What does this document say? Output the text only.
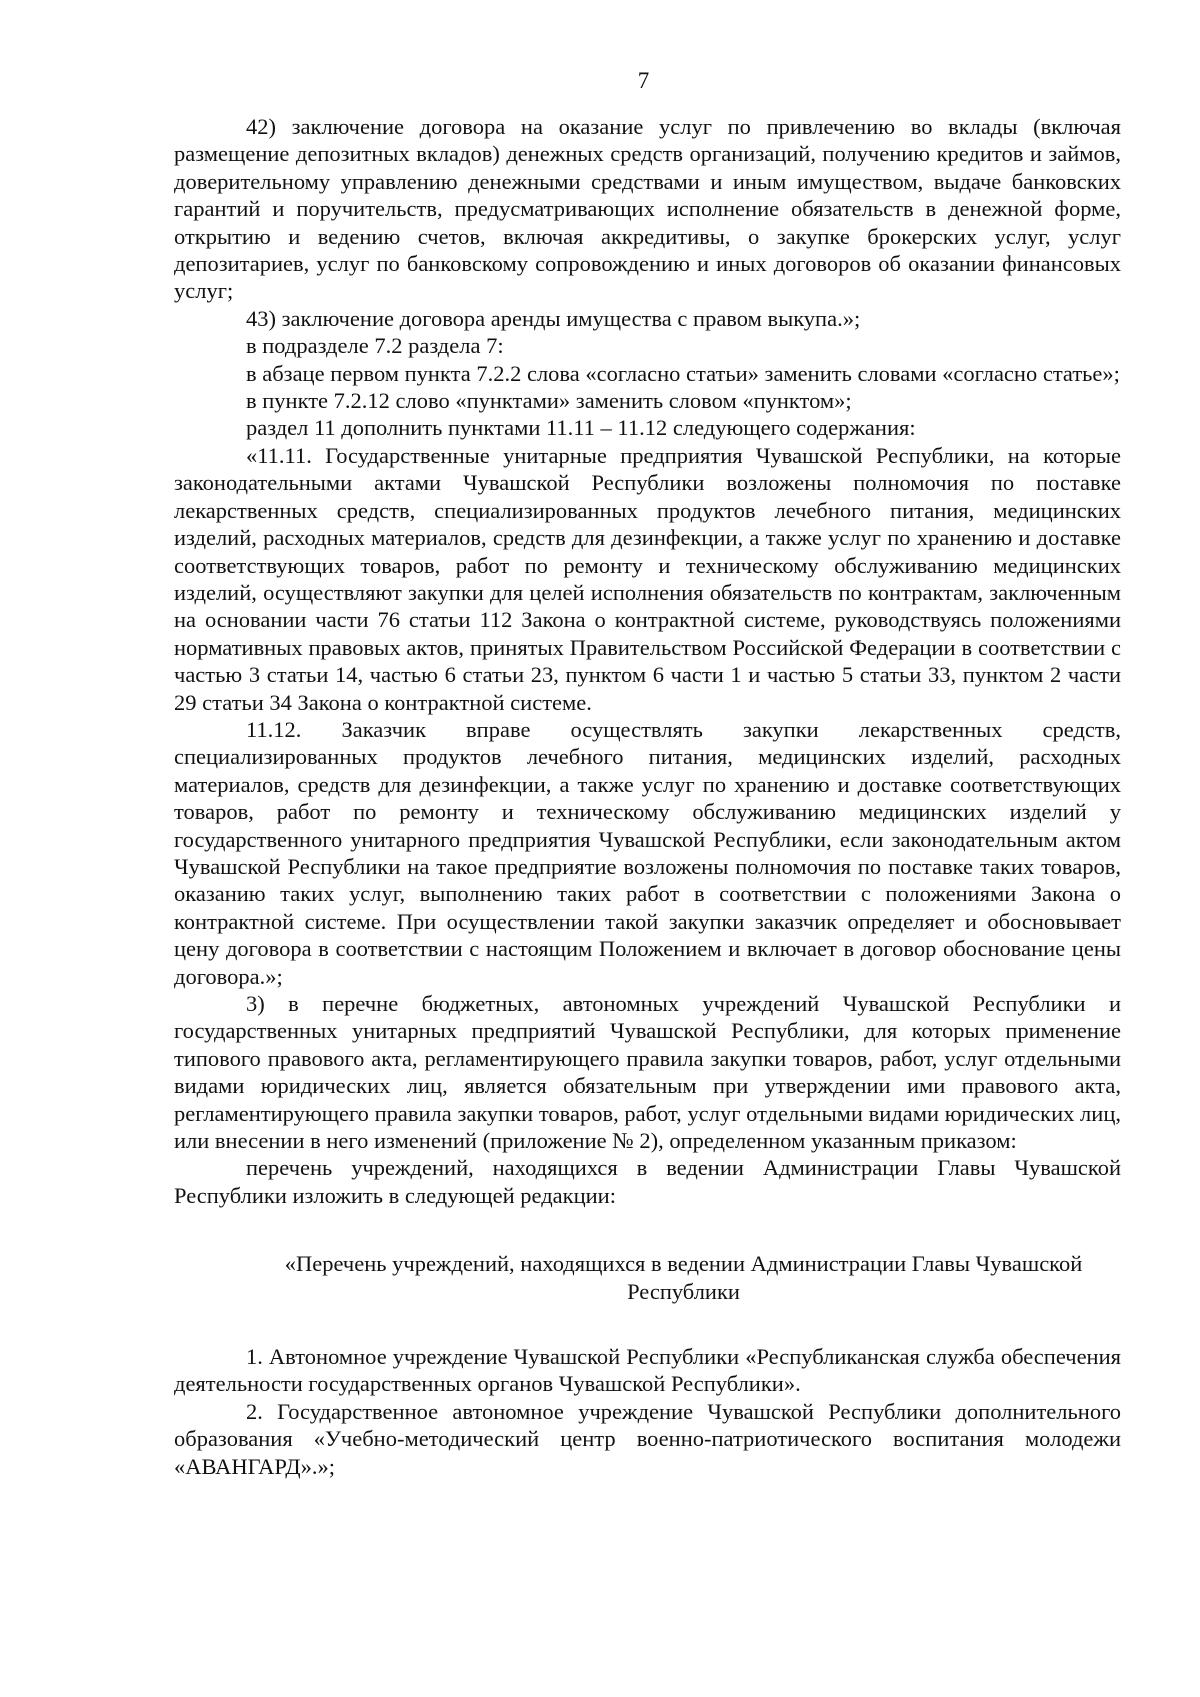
7

42) заключение договора на оказание услуг по привлечению во вклады (включая размещение депозитных вкладов) денежных средств организаций, получению кредитов и займов, доверительному управлению денежными средствами и иным имуществом, выдаче банковских гарантий и поручительств, предусматривающих исполнение обязательств в денежной форме, открытию и ведению счетов, включая аккредитивы, о закупке брокерских услуг, услуг депозитариев, услуг по банковскому сопровождению и иных договоров об оказании финансовых услуг;

43) заключение договора аренды имущества с правом выкупа.»;

в подразделе 7.2 раздела 7:

в абзаце первом пункта 7.2.2 слова «согласно статьи» заменить словами «согласно статье»;

в пункте 7.2.12 слово «пунктами» заменить словом «пунктом»;

раздел 11 дополнить пунктами 11.11 – 11.12 следующего содержания:

«11.11. Государственные унитарные предприятия Чувашской Республики, на которые законодательными актами Чувашской Республики возложены полномочия по поставке лекарственных средств, специализированных продуктов лечебного питания, медицинских изделий, расходных материалов, средств для дезинфекции, а также услуг по хранению и доставке соответствующих товаров, работ по ремонту и техническому обслуживанию медицинских изделий, осуществляют закупки для целей исполнения обязательств по контрактам, заключенным на основании части 76 статьи 112 Закона о контрактной системе, руководствуясь положениями нормативных правовых актов, принятых Правительством Российской Федерации в соответствии с частью 3 статьи 14, частью 6 статьи 23, пунктом 6 части 1 и частью 5 статьи 33, пунктом 2 части 29 статьи 34 Закона о контрактной системе.

11.12. Заказчик вправе осуществлять закупки лекарственных средств, специализированных продуктов лечебного питания, медицинских изделий, расходных материалов, средств для дезинфекции, а также услуг по хранению и доставке соответствующих товаров, работ по ремонту и техническому обслуживанию медицинских изделий у государственного унитарного предприятия Чувашской Республики, если законодательным актом Чувашской Республики на такое предприятие возложены полномочия по поставке таких товаров, оказанию таких услуг, выполнению таких работ в соответствии с положениями Закона о контрактной системе. При осуществлении такой закупки заказчик определяет и обосновывает цену договора в соответствии с настоящим Положением и включает в договор обоснование цены договора.»;

3) в перечне бюджетных, автономных учреждений Чувашской Республики и государственных унитарных предприятий Чувашской Республики, для которых применение типового правового акта, регламентирующего правила закупки товаров, работ, услуг отдельными видами юридических лиц, является обязательным при утверждении ими правового акта, регламентирующего правила закупки товаров, работ, услуг отдельными видами юридических лиц, или внесении в него изменений (приложение № 2), определенном указанным приказом:

перечень учреждений, находящихся в ведении Администрации Главы Чувашской Республики изложить в следующей редакции:

«Перечень учреждений, находящихся в ведении Администрации Главы Чувашской Республики

1. Автономное учреждение Чувашской Республики «Республиканская служба обеспечения деятельности государственных органов Чувашской Республики».

2. Государственное автономное учреждение Чувашской Республики дополнительного образования «Учебно-методический центр военно-патриотического воспитания молодежи «АВАНГАРД».»;
